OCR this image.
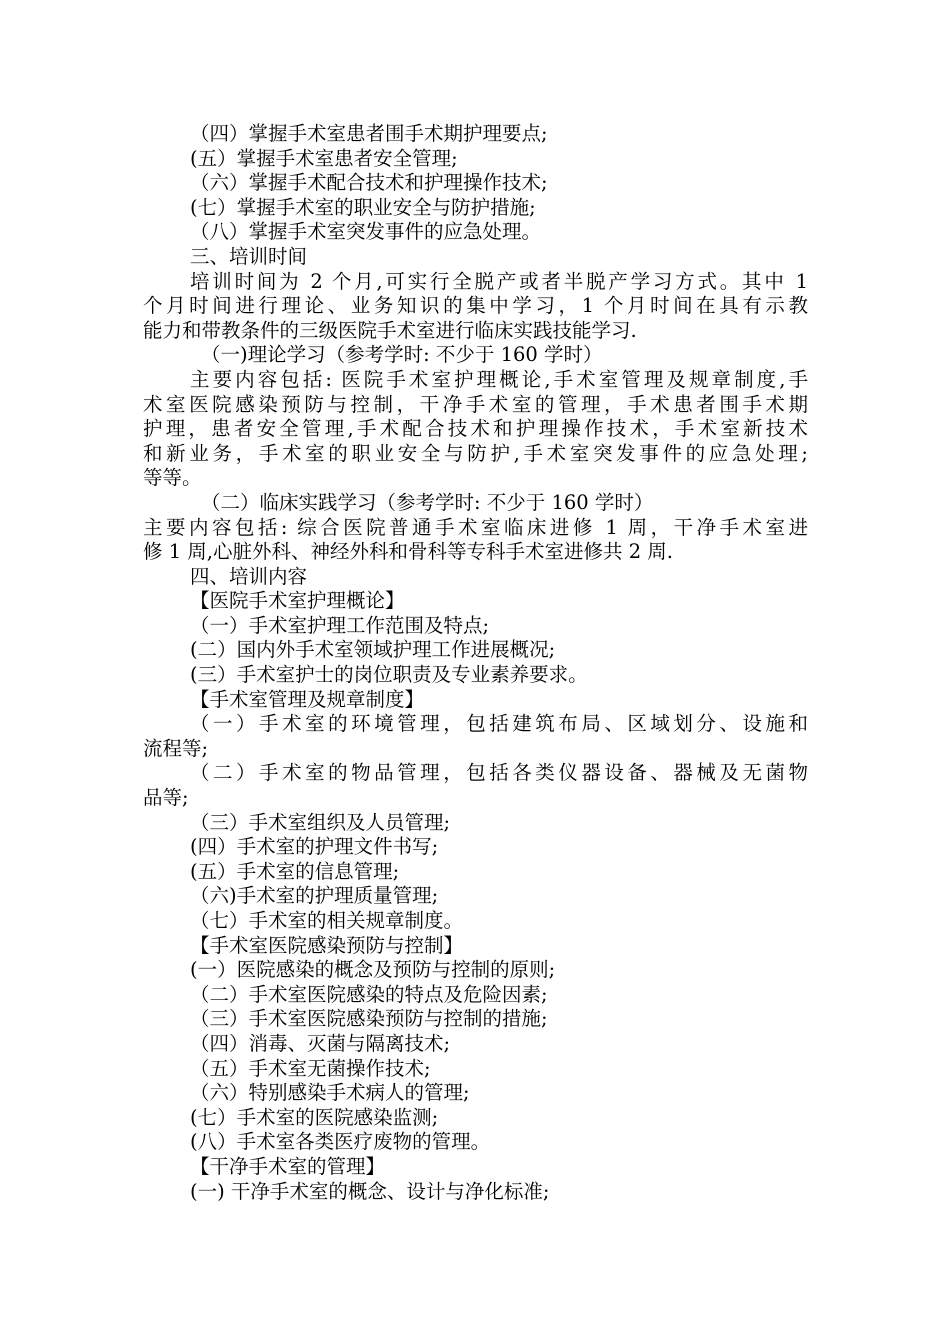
（四）掌握手术室患者围手术期护理要点;
(五）掌握手术室患者安全管理;
（六）掌握手术配合技术和护理操作技术;
(七）掌握手术室的职业安全与防护措施;
（八）掌握手术室突发事件的应急处理。
三、培训时间
培训时间为 2 个月,可实行全脱产或者半脱产学习方式。其中 1
个月时间进行理论、业务知识的集中学习，1 个月时间在具有示教
能力和带教条件的三级医院手术室进行临床实践技能学习.
（一)理论学习（参考学时: 不少于 160 学时）
主要内容包括: 医院手术室护理概论,手术室管理及规章制度,手
术室医院感染预防与控制，干净手术室的管理，手术患者围手术期
护理，患者安全管理,手术配合技术和护理操作技术，手术室新技术
和新业务，手术室的职业安全与防护,手术室突发事件的应急处理;
等等。
（二）临床实践学习（参考学时: 不少于 160 学时）
主要内容包括: 综合医院普通手术室临床进修 1 周，干净手术室进
修 1 周,心脏外科、神经外科和骨科等专科手术室进修共 2 周.
四、培训内容
【医院手术室护理概论】
（一）手术室护理工作范围及特点;
(二）国内外手术室领域护理工作进展概况;
(三）手术室护士的岗位职责及专业素养要求。
【手术室管理及规章制度】
（一）手术室的环境管理，包括建筑布局、区域划分、设施和
流程等;
（二）手术室的物品管理，包括各类仪器设备、器械及无菌物
品等;
（三）手术室组织及人员管理;
(四）手术室的护理文件书写;
(五）手术室的信息管理;
（六)手术室的护理质量管理;
（七）手术室的相关规章制度。
【手术室医院感染预防与控制】
(一）医院感染的概念及预防与控制的原则;
（二）手术室医院感染的特点及危险因素;
（三）手术室医院感染预防与控制的措施;
（四）消毒、灭菌与隔离技术;
（五）手术室无菌操作技术;
（六）特别感染手术病人的管理;
(七）手术室的医院感染监测;
(八）手术室各类医疗废物的管理。
【干净手术室的管理】
(一) 干净手术室的概念、设计与净化标准;
